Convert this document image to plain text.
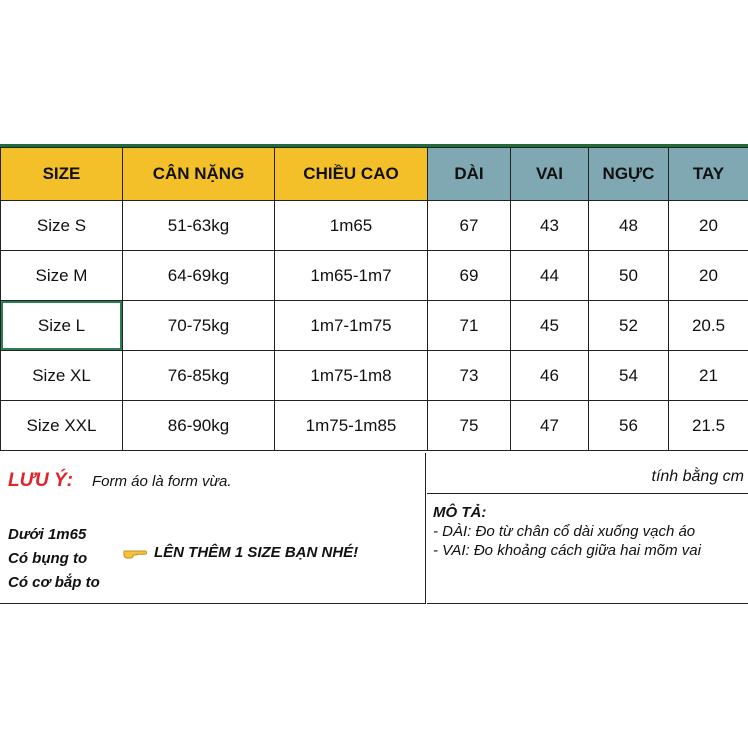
SIZE	CÂN NẶNG	CHIỀU CAO	DÀI	VAI	NGỰC	TAY
Size S	51-63kg	1m65	67	43	48	20
Size M	64-69kg	1m65-1m7	69	44	50	20
Size L	70-75kg	1m7-1m75	71	45	52	20.5
Size XL	76-85kg	1m75-1m8	73	46	54	21
Size XXL	86-90kg	1m75-1m85	75	47	56	21.5
LƯU Ý: Form áo là form vừa.
Dưới 1m65
Có bụng to
Có cơ bắp to
LÊN THÊM 1 SIZE BẠN NHÉ!
tính bằng cm
MÔ TẢ:
- DÀI: Đo từ chân cổ dài xuống vạch áo
- VAI: Đo khoảng cách giữa hai mõm vai
